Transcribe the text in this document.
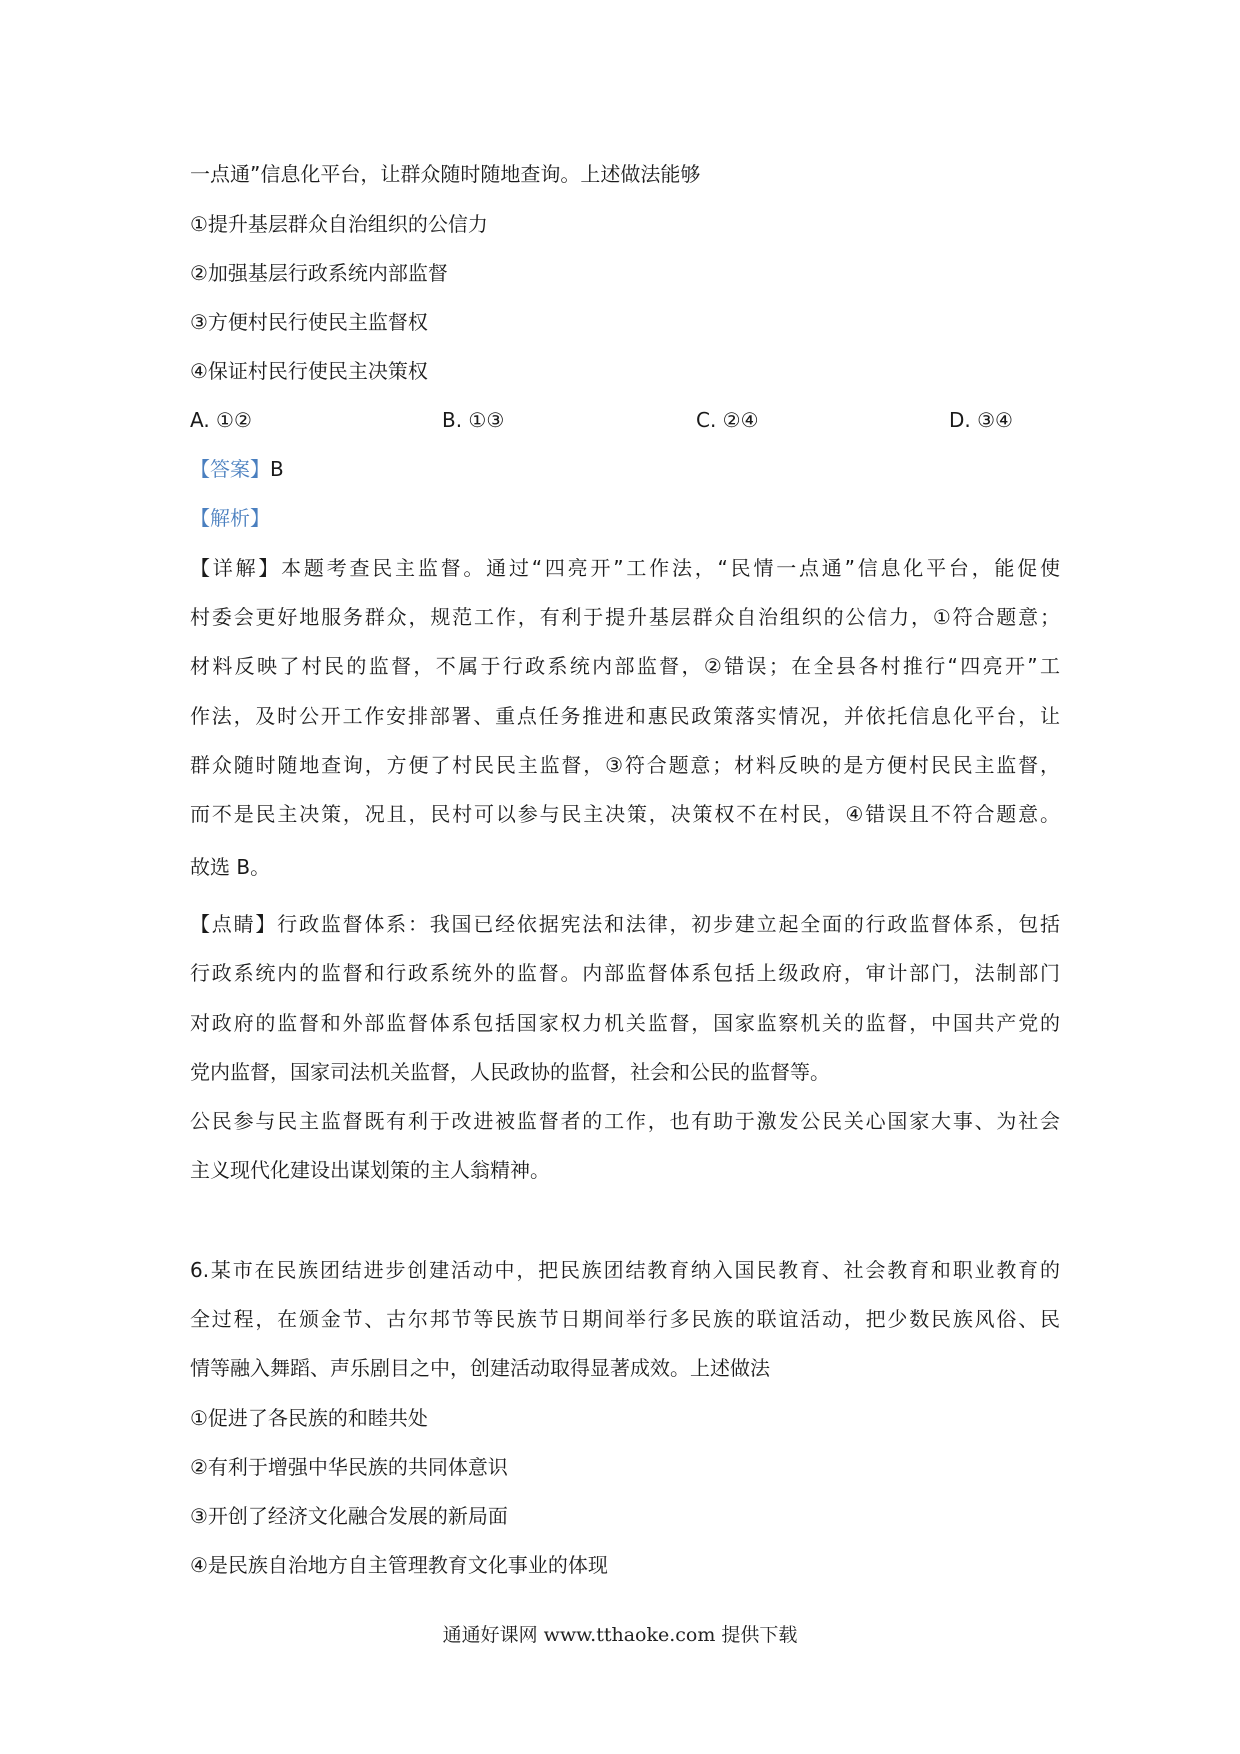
一点通”信息化平台，让群众随时随地查询。上述做法能够
①提升基层群众自治组织的公信力
②加强基层行政系统内部监督
③方便村民行使民主监督权
④保证村民行使民主决策权
A. ①②	B. ①③	C. ②④	D. ③④
【答案】B
【解析】
【详解】本题考查民主监督。通过“四亮开”工作法，“民情一点通”信息化平台，能促使
村委会更好地服务群众，规范工作，有利于提升基层群众自治组织的公信力，①符合题意；
材料反映了村民的监督，不属于行政系统内部监督，②错误；在全县各村推行“四亮开”工
作法，及时公开工作安排部署、重点任务推进和惠民政策落实情况，并依托信息化平台，让
群众随时随地查询，方便了村民民主监督，③符合题意；材料反映的是方便村民民主监督，
而不是民主决策，况且，民村可以参与民主决策，决策权不在村民，④错误且不符合题意。
故选 B。
【点睛】行政监督体系：我国已经依据宪法和法律，初步建立起全面的行政监督体系，包括
行政系统内的监督和行政系统外的监督。内部监督体系包括上级政府，审计部门，法制部门
对政府的监督和外部监督体系包括国家权力机关监督，国家监察机关的监督，中国共产党的
党内监督，国家司法机关监督，人民政协的监督，社会和公民的监督等。
公民参与民主监督既有利于改进被监督者的工作，也有助于激发公民关心国家大事、为社会
主义现代化建设出谋划策的主人翁精神。
6.某市在民族团结进步创建活动中，把民族团结教育纳入国民教育、社会教育和职业教育的
全过程，在颁金节、古尔邦节等民族节日期间举行多民族的联谊活动，把少数民族风俗、民
情等融入舞蹈、声乐剧目之中，创建活动取得显著成效。上述做法
①促进了各民族的和睦共处
②有利于增强中华民族的共同体意识
③开创了经济文化融合发展的新局面
④是民族自治地方自主管理教育文化事业的体现
通通好课网 www.tthaoke.com 提供下载
